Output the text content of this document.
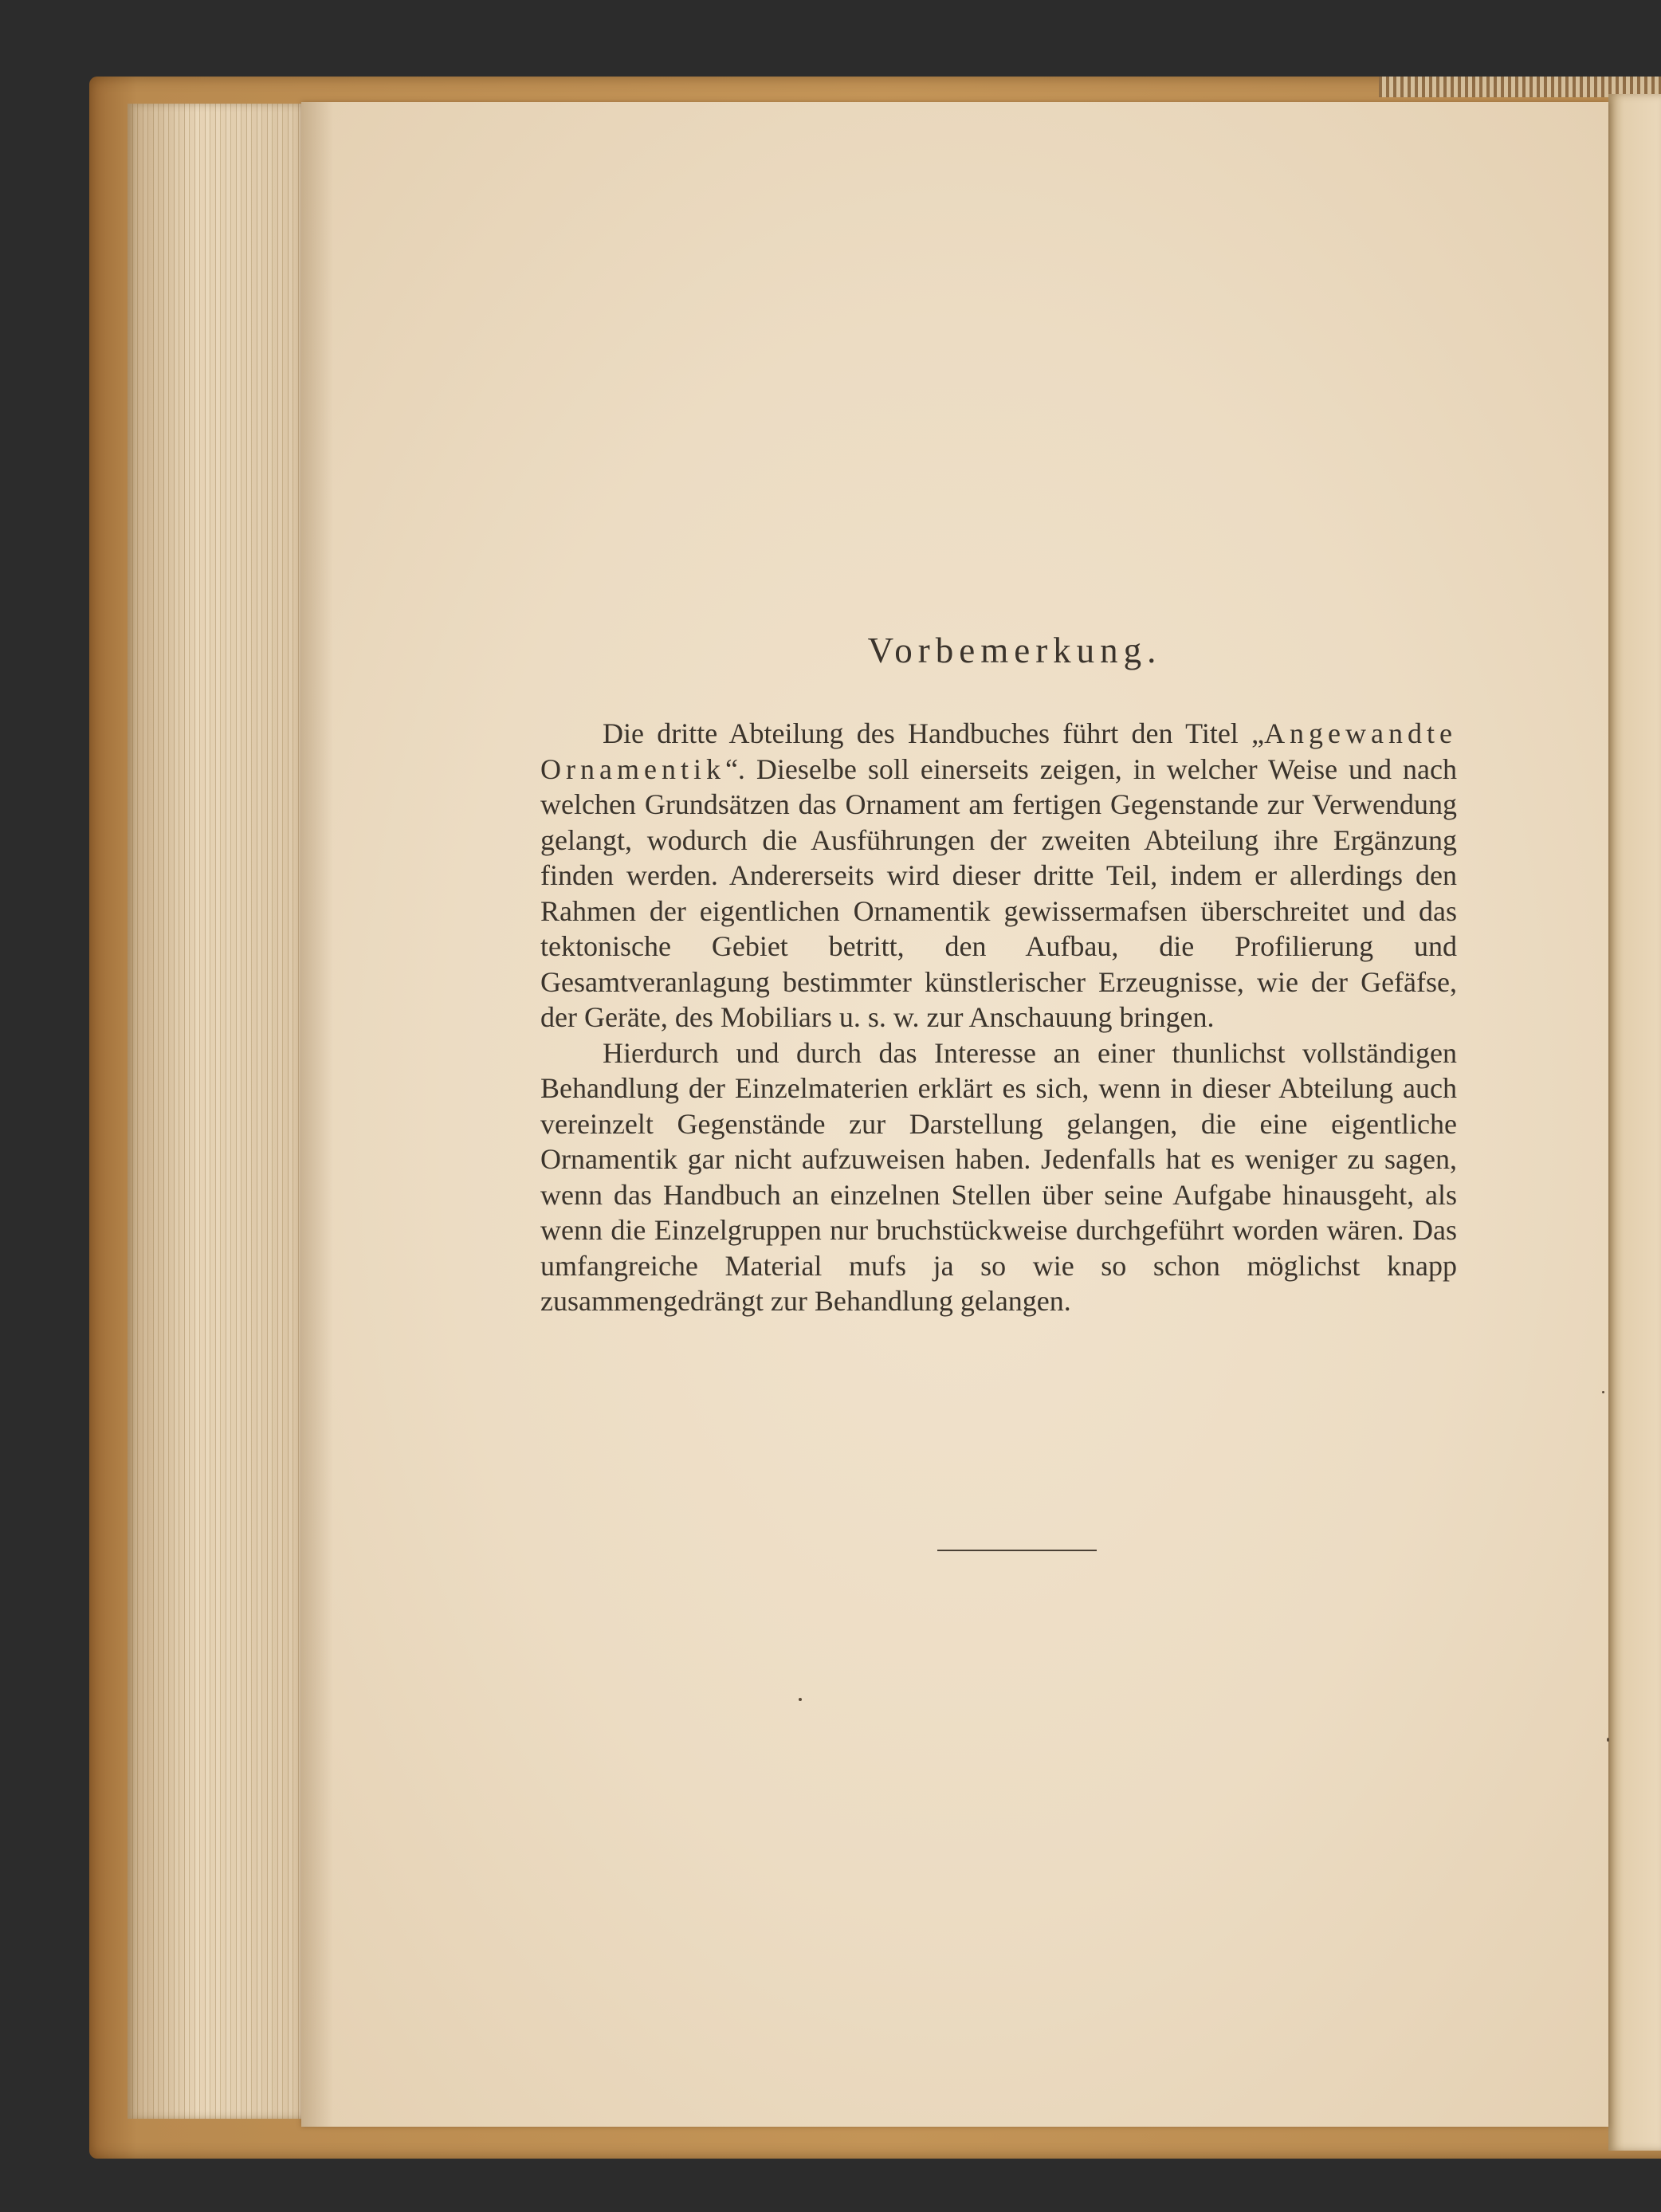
Vorbemerkung.

Die dritte Abteilung des Handbuches führt den Titel „Angewandte Ornamentik“. Dieselbe soll einerseits zeigen, in welcher Weise und nach welchen Grundsätzen das Ornament am fertigen Gegenstande zur Verwendung gelangt, wodurch die Ausführungen der zweiten Abteilung ihre Ergänzung finden werden. Andererseits wird dieser dritte Teil, indem er allerdings den Rahmen der eigentlichen Ornamentik gewissermafsen überschreitet und das tektonische Gebiet betritt, den Aufbau, die Profilierung und Gesamtveranlagung bestimmter künstlerischer Erzeugnisse, wie der Gefäfse, der Geräte, des Mobiliars u. s. w. zur Anschauung bringen.

Hierdurch und durch das Interesse an einer thunlichst vollständigen Behandlung der Einzelmaterien erklärt es sich, wenn in dieser Abteilung auch vereinzelt Gegenstände zur Darstellung gelangen, die eine eigentliche Ornamentik gar nicht aufzuweisen haben. Jedenfalls hat es weniger zu sagen, wenn das Handbuch an einzelnen Stellen über seine Aufgabe hinausgeht, als wenn die Einzelgruppen nur bruchstückweise durchgeführt worden wären. Das umfangreiche Material mufs ja so wie so schon möglichst knapp zusammengedrängt zur Behandlung gelangen.
